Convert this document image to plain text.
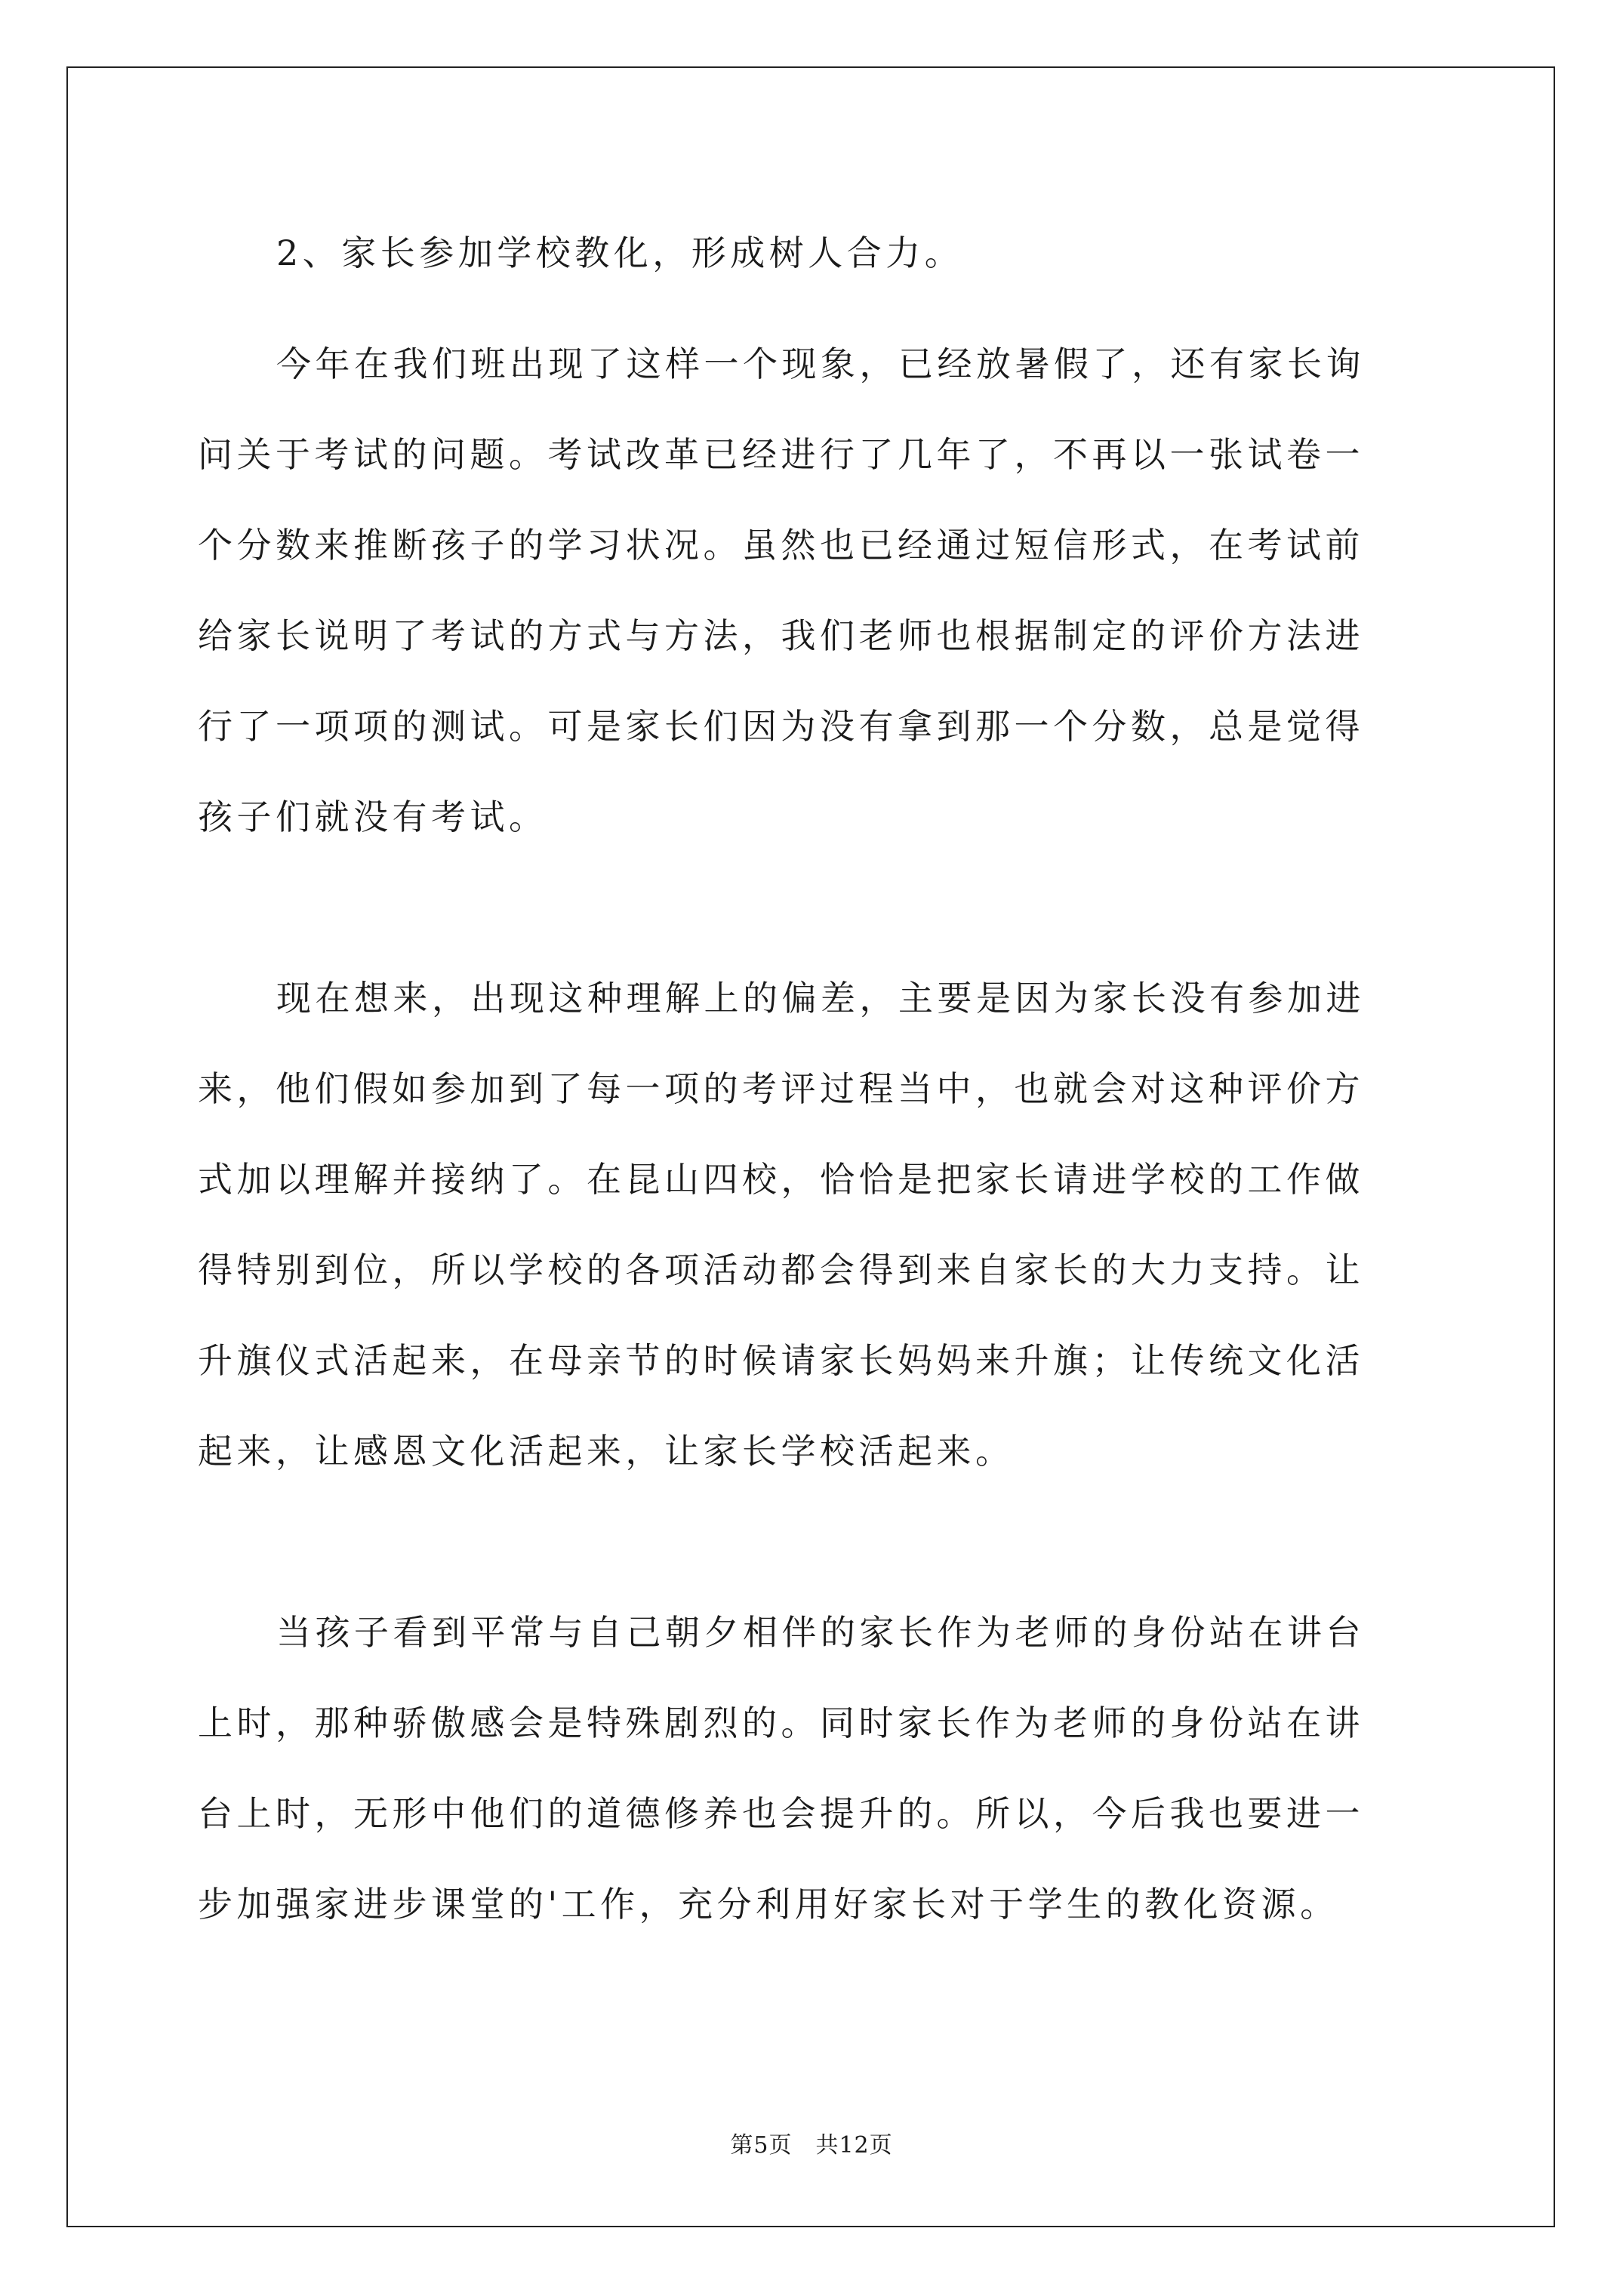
2、家长参加学校教化，形成树人合力。
今年在我们班出现了这样一个现象，已经放暑假了，还有家长询
问关于考试的问题。考试改革已经进行了几年了，不再以一张试卷一
个分数来推断孩子的学习状况。虽然也已经通过短信形式，在考试前
给家长说明了考试的方式与方法，我们老师也根据制定的评价方法进
行了一项项的测试。可是家长们因为没有拿到那一个分数，总是觉得
孩子们就没有考试。
现在想来，出现这种理解上的偏差，主要是因为家长没有参加进
来，他们假如参加到了每一项的考评过程当中，也就会对这种评价方
式加以理解并接纳了。在昆山四校，恰恰是把家长请进学校的工作做
得特别到位，所以学校的各项活动都会得到来自家长的大力支持。让
升旗仪式活起来，在母亲节的时候请家长妈妈来升旗；让传统文化活
起来，让感恩文化活起来，让家长学校活起来。
当孩子看到平常与自己朝夕相伴的家长作为老师的身份站在讲台
上时，那种骄傲感会是特殊剧烈的。同时家长作为老师的身份站在讲
台上时，无形中他们的道德修养也会提升的。所以，今后我也要进一
步加强家进步课堂的'工作，充分利用好家长对于学生的教化资源。
第5页　共12页
